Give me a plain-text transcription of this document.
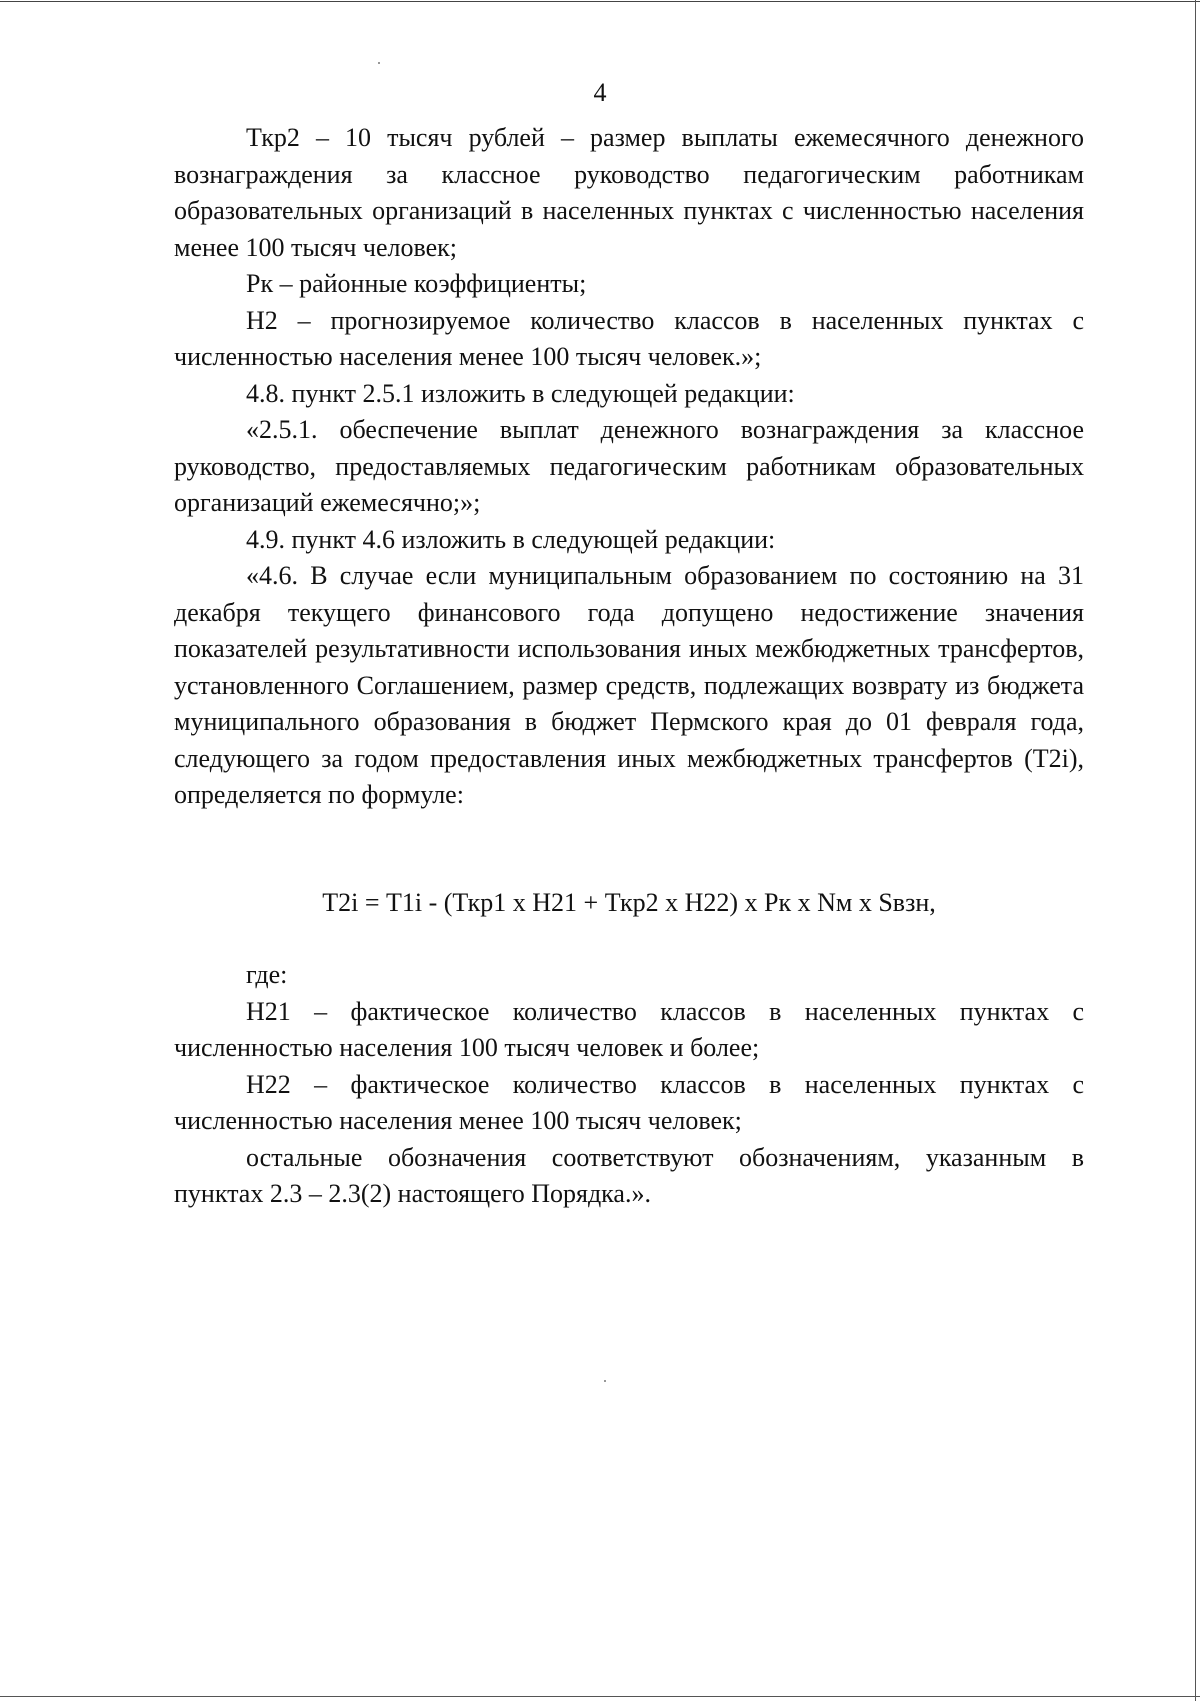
4

Ткр2 – 10 тысяч рублей – размер выплаты ежемесячного денежного вознаграждения за классное руководство педагогическим работникам образовательных организаций в населенных пунктах с численностью населения менее 100 тысяч человек;

Рк – районные коэффициенты;

Н2 – прогнозируемое количество классов в населенных пунктах с численностью населения менее 100 тысяч человек.»;

4.8. пункт 2.5.1 изложить в следующей редакции:

«2.5.1. обеспечение выплат денежного вознаграждения за классное руководство, предоставляемых педагогическим работникам образовательных организаций ежемесячно;»;

4.9. пункт 4.6 изложить в следующей редакции:

«4.6. В случае если муниципальным образованием по состоянию на 31 декабря текущего финансового года допущено недостижение значения показателей результативности использования иных межбюджетных трансфертов, установленного Соглашением, размер средств, подлежащих возврату из бюджета муниципального образования в бюджет Пермского края до 01 февраля года, следующего за годом предоставления иных межбюджетных трансфертов (Т2i), определяется по формуле:

Т2i = Т1i - (Ткр1 х Н21 + Ткр2 х Н22) х Рк х Nм х Sвзн,

где:

Н21 – фактическое количество классов в населенных пунктах с численностью населения 100 тысяч человек и более;

Н22 – фактическое количество классов в населенных пунктах с численностью населения менее 100 тысяч человек;

остальные обозначения соответствуют обозначениям, указанным в пунктах 2.3 – 2.3(2) настоящего Порядка.».
